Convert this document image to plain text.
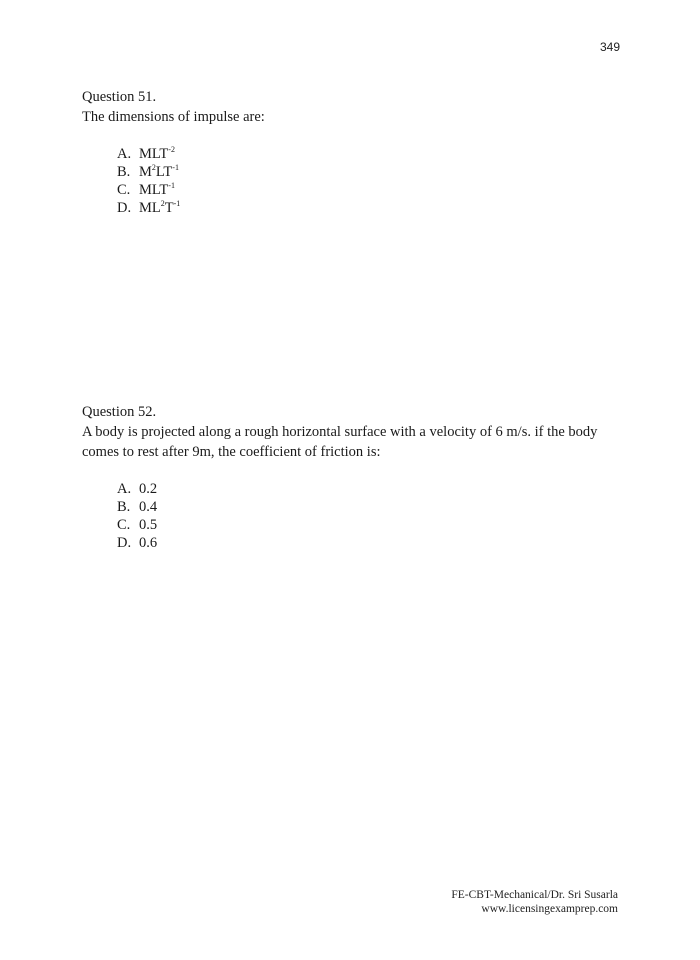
349

Question 51.

The dimensions of impulse are:

A. $MLT^{-2}$
B. $M^2LT^{-1}$
C. $MLT^{-1}$
D. $ML^2T^{-1}$

Question 52.

A body is projected along a rough horizontal surface with a velocity of 6 m/s. if the body comes to rest after 9m, the coefficient of friction is:

A. 0.2
B. 0.4
C. 0.5
D. 0.6
FE-CBT-Mechanical/Dr. Sri Susarla
www.licensingexamprep.com
